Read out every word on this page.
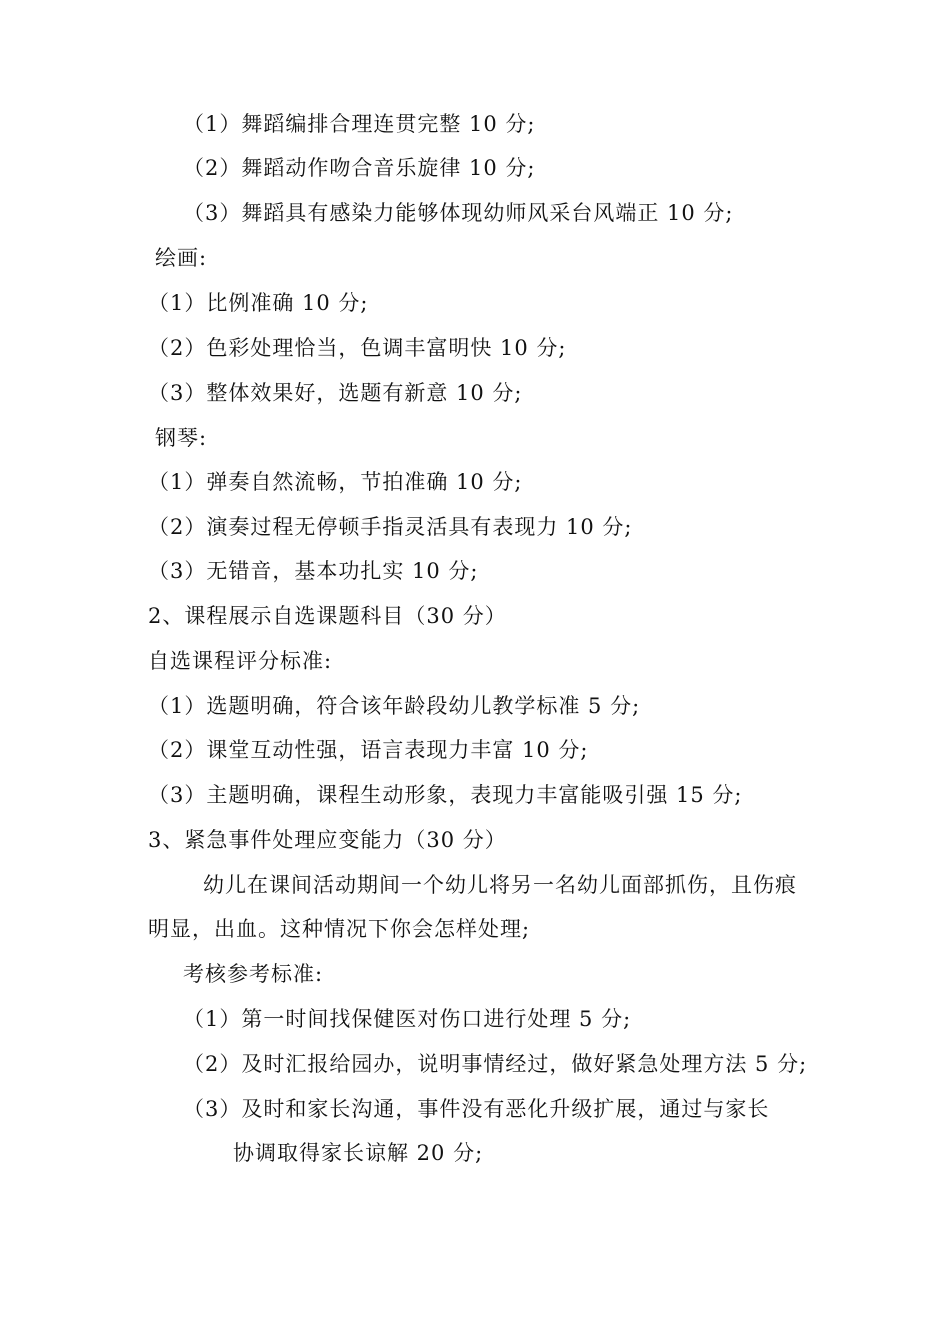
（1）舞蹈编排合理连贯完整 10 分;
（2）舞蹈动作吻合音乐旋律 10 分;
（3）舞蹈具有感染力能够体现幼师风采台风端正 10 分;
绘画:
（1）比例准确 10 分;
（2）色彩处理恰当，色调丰富明快 10 分;
（3）整体效果好，选题有新意 10 分;
钢琴:
（1）弹奏自然流畅，节拍准确 10 分;
（2）演奏过程无停顿手指灵活具有表现力 10 分;
（3）无错音，基本功扎实 10 分;
2、课程展示自选课题科目（30 分）
自选课程评分标准:
（1）选题明确，符合该年龄段幼儿教学标准 5 分;
（2）课堂互动性强，语言表现力丰富 10 分;
（3）主题明确，课程生动形象，表现力丰富能吸引强 15 分;
3、紧急事件处理应变能力（30 分）
幼儿在课间活动期间一个幼儿将另一名幼儿面部抓伤，且伤痕
明显，出血。这种情况下你会怎样处理;
考核参考标准:
（1）第一时间找保健医对伤口进行处理 5 分;
（2）及时汇报给园办，说明事情经过，做好紧急处理方法 5 分;
（3）及时和家长沟通，事件没有恶化升级扩展，通过与家长
协调取得家长谅解 20 分;
